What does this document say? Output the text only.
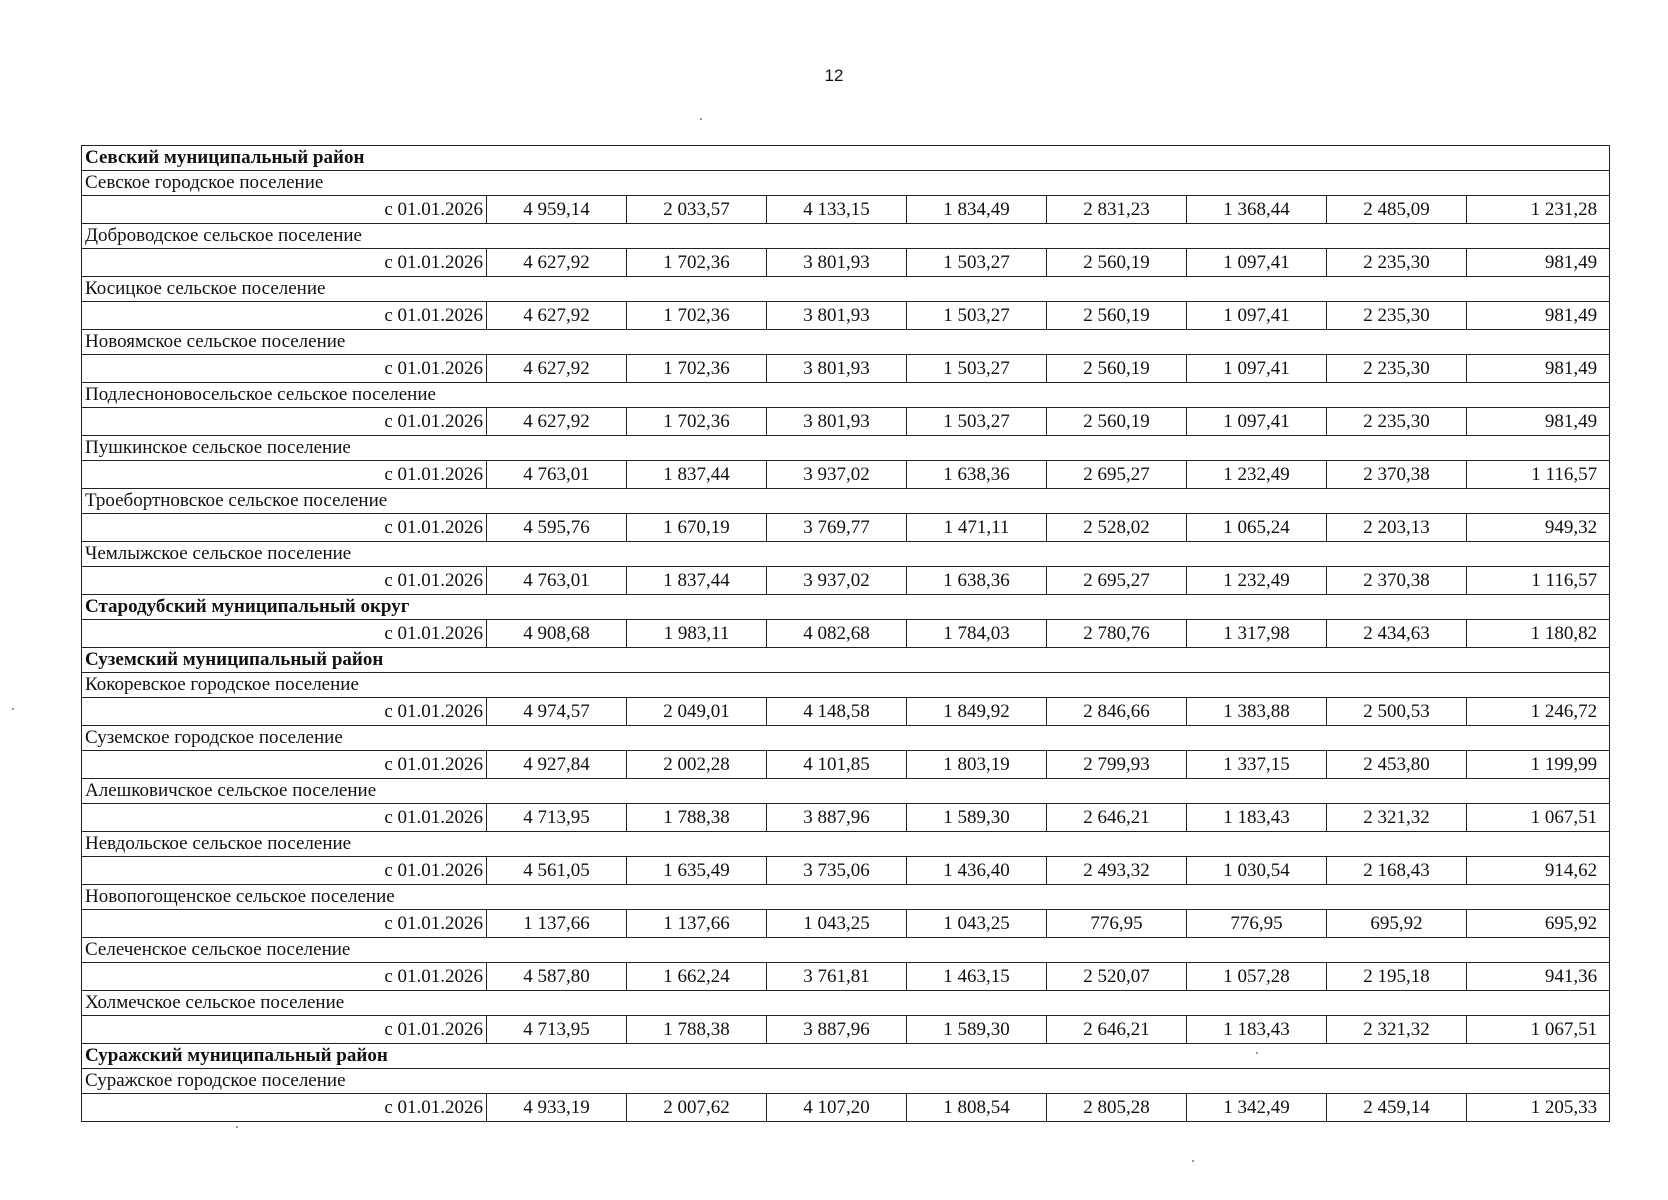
12
Севский муниципальный район								
Севское городское поселение								
с 01.01.2026	4 959,14	2 033,57	4 133,15	1 834,49	2 831,23	1 368,44	2 485,09	1 231,28
Доброводское сельское поселение								
с 01.01.2026	4 627,92	1 702,36	3 801,93	1 503,27	2 560,19	1 097,41	2 235,30	981,49
Косицкое сельское поселение								
с 01.01.2026	4 627,92	1 702,36	3 801,93	1 503,27	2 560,19	1 097,41	2 235,30	981,49
Новоямское сельское поселение								
с 01.01.2026	4 627,92	1 702,36	3 801,93	1 503,27	2 560,19	1 097,41	2 235,30	981,49
Подлесноновосельское сельское поселение								
с 01.01.2026	4 627,92	1 702,36	3 801,93	1 503,27	2 560,19	1 097,41	2 235,30	981,49
Пушкинское сельское поселение								
с 01.01.2026	4 763,01	1 837,44	3 937,02	1 638,36	2 695,27	1 232,49	2 370,38	1 116,57
Троебортновское сельское поселение								
с 01.01.2026	4 595,76	1 670,19	3 769,77	1 471,11	2 528,02	1 065,24	2 203,13	949,32
Чемлыжское сельское поселение								
с 01.01.2026	4 763,01	1 837,44	3 937,02	1 638,36	2 695,27	1 232,49	2 370,38	1 116,57
Стародубский муниципальный округ								
с 01.01.2026	4 908,68	1 983,11	4 082,68	1 784,03	2 780,76	1 317,98	2 434,63	1 180,82
Суземский муниципальный район								
Кокоревское городское поселение								
с 01.01.2026	4 974,57	2 049,01	4 148,58	1 849,92	2 846,66	1 383,88	2 500,53	1 246,72
Суземское городское поселение								
с 01.01.2026	4 927,84	2 002,28	4 101,85	1 803,19	2 799,93	1 337,15	2 453,80	1 199,99
Алешковичское сельское поселение								
с 01.01.2026	4 713,95	1 788,38	3 887,96	1 589,30	2 646,21	1 183,43	2 321,32	1 067,51
Невдольское сельское поселение								
с 01.01.2026	4 561,05	1 635,49	3 735,06	1 436,40	2 493,32	1 030,54	2 168,43	914,62
Новопогощенское сельское поселение								
с 01.01.2026	1 137,66	1 137,66	1 043,25	1 043,25	776,95	776,95	695,92	695,92
Селеченское сельское поселение								
с 01.01.2026	4 587,80	1 662,24	3 761,81	1 463,15	2 520,07	1 057,28	2 195,18	941,36
Холмечское сельское поселение								
с 01.01.2026	4 713,95	1 788,38	3 887,96	1 589,30	2 646,21	1 183,43	2 321,32	1 067,51
Суражский муниципальный район								
Суражское городское поселение								
с 01.01.2026	4 933,19	2 007,62	4 107,20	1 808,54	2 805,28	1 342,49	2 459,14	1 205,33
